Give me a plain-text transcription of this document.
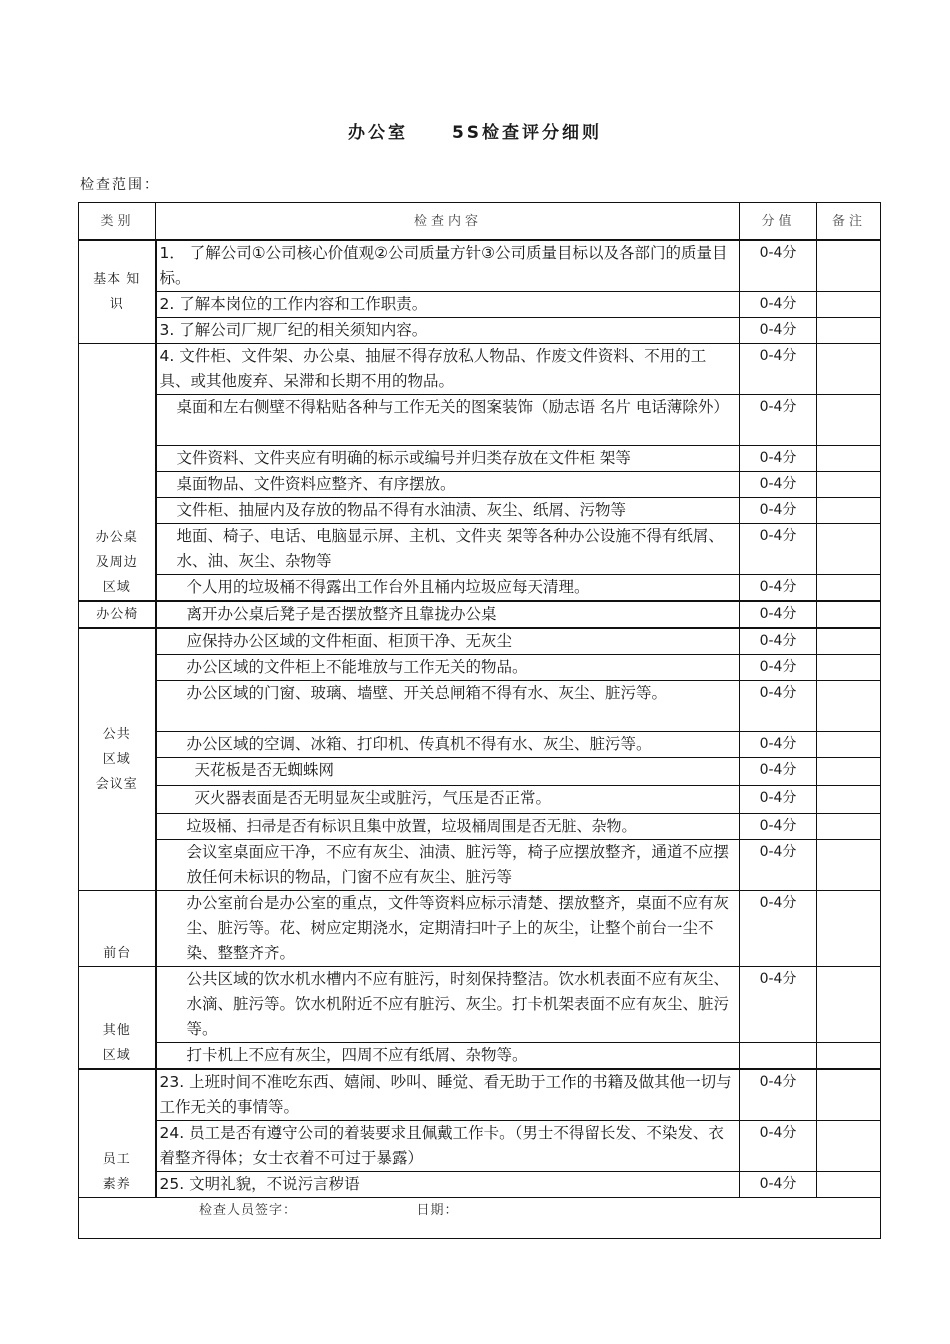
办公室	5S检查评分细则
检查范围：
类别	检查内容	分值	备注
基本 知识	1． 了解公司①公司核心价值观②公司质量方针③公司质量目标以及各部门的质量目标。	0-4分	
	2. 了解本岗位的工作内容和工作职责。	0-4分	
	3. 了解公司厂规厂纪的相关须知内容。	0-4分	
办公桌 及周边 区域	4. 文件柜、文件架、办公桌、抽屉不得存放私人物品、作废文件资料、不用的工具、或其他废弃、呆滞和长期不用的物品。	0-4分	
	桌面和左右侧壁不得粘贴各种与工作无关的图案装饰（励志语 名片 电话薄除外）	0-4分	
	文件资料、文件夹应有明确的标示或编号并归类存放在文件柜 架等	0-4分	
	桌面物品、文件资料应整齐、有序摆放。	0-4分	
	文件柜、抽屉内及存放的物品不得有水油渍、灰尘、纸屑、污物等	0-4分	
	地面、椅子、电话、电脑显示屏、主机、文件夹 架等各种办公设施不得有纸屑、水、油、灰尘、杂物等	0-4分	
	个人用的垃圾桶不得露出工作台外且桶内垃圾应每天清理。	0-4分	
办公椅	离开办公桌后凳子是否摆放整齐且靠拢办公桌	0-4分	
公共 区域 会议室	应保持办公区域的文件柜面、柜顶干净、无灰尘	0-4分	
	办公区域的文件柜上不能堆放与工作无关的物品。	0-4分	
	办公区域的门窗、玻璃、墙壁、开关总闸箱不得有水、灰尘、脏污等。	0-4分	
	办公区域的空调、冰箱、打印机、传真机不得有水、灰尘、脏污等。	0-4分	
	天花板是否无蜘蛛网	0-4分	
	灭火器表面是否无明显灰尘或脏污，气压是否正常。	0-4分	
	垃圾桶、扫帚是否有标识且集中放置，垃圾桶周围是否无脏、杂物。	0-4分	
	会议室桌面应干净，不应有灰尘、油渍、脏污等，椅子应摆放整齐，通道不应摆放任何未标识的物品，门窗不应有灰尘、脏污等	0-4分	
前台	办公室前台是办公室的重点，文件等资料应标示清楚、摆放整齐，桌面不应有灰尘、脏污等。花、树应定期浇水，定期清扫叶子上的灰尘，让整个前台一尘不染、整整齐齐。	0-4分	
其他 区域	公共区域的饮水机水槽内不应有脏污，时刻保持整洁。饮水机表面不应有灰尘、水滴、脏污等。饮水机附近不应有脏污、灰尘。打卡机架表面不应有灰尘、脏污等。	0-4分	
	打卡机上不应有灰尘，四周不应有纸屑、杂物等。		
员工 素养	23. 上班时间不准吃东西、嬉闹、吵叫、睡觉、看无助于工作的书籍及做其他一切与工作无关的事情等。	0-4分	
	24. 员工是否有遵守公司的着装要求且佩戴工作卡。（男士不得留长发、不染发、衣着整齐得体；女士衣着不可过于暴露）	0-4分	
	25. 文明礼貌，不说污言秽语	0-4分	
检查人员签字：　　　　　　　　　日期：　　　　　　　　　			
